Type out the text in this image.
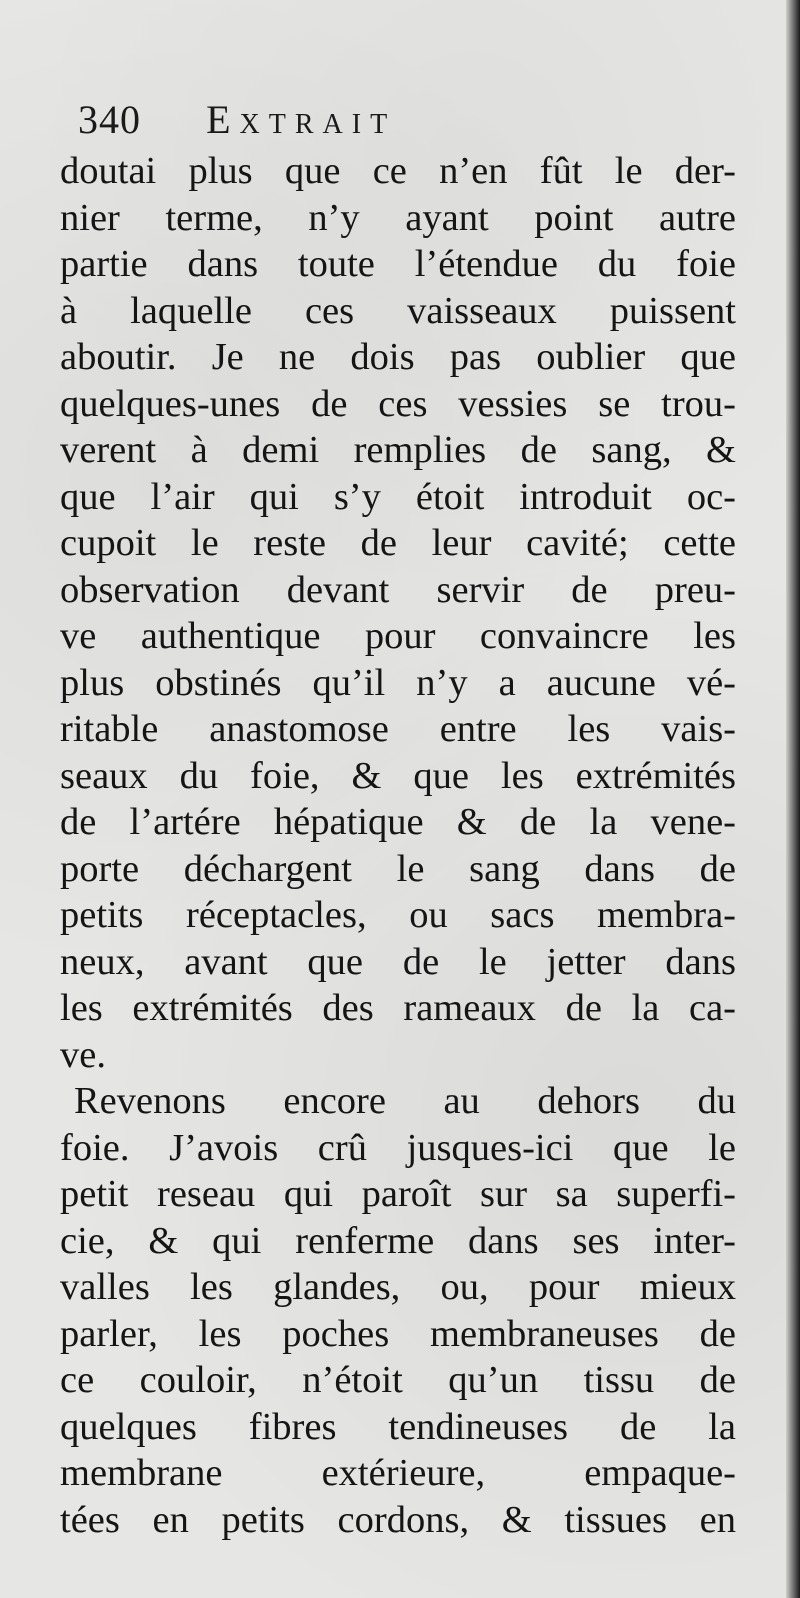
340 Extrait
doutai plus que ce n’en fût le der-
nier terme, n’y ayant point autre
partie dans toute l’étendue du foie
à laquelle ces vaisseaux puissent
aboutir. Je ne dois pas oublier que
quelques-unes de ces vessies se trou-
verent à demi remplies de sang, &
que l’air qui s’y étoit introduit oc-
cupoit le reste de leur cavité; cette
observation devant servir de preu-
ve authentique pour convaincre les
plus obstinés qu’il n’y a aucune vé-
ritable anastomose entre les vais-
seaux du foie, & que les extrémités
de l’artére hépatique & de la vene-
porte déchargent le sang dans de
petits réceptacles, ou sacs membra-
neux, avant que de le jetter dans
les extrémités des rameaux de la ca-
ve.
Revenons encore au dehors du
foie. J’avois crû jusques-ici que le
petit reseau qui paroît sur sa superfi-
cie, & qui renferme dans ses inter-
valles les glandes, ou, pour mieux
parler, les poches membraneuses de
ce couloir, n’étoit qu’un tissu de
quelques fibres tendineuses de la
membrane extérieure, empaque-
tées en petits cordons, & tissues en
